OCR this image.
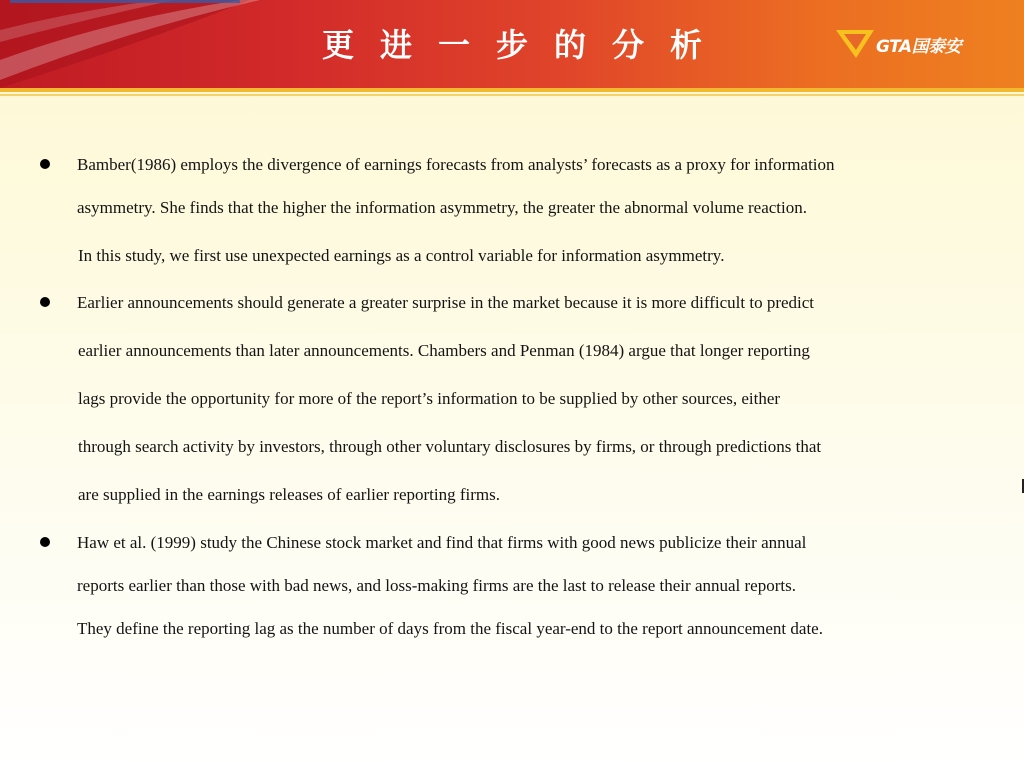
更 进 一 步 的 分 析	GTA国泰安
Bamber(1986) employs the divergence of earnings forecasts from analysts’ forecasts as a proxy for information
asymmetry. She finds that the higher the information asymmetry, the greater the abnormal volume reaction.
In this study, we first use unexpected earnings as a control variable for information asymmetry.
Earlier announcements should generate a greater surprise in the market because it is more difficult to predict
earlier announcements than later announcements. Chambers and Penman (1984) argue that longer reporting
lags provide the opportunity for more of the report’s information to be supplied by other sources, either
through search activity by investors, through other voluntary disclosures by firms, or through predictions that
are supplied in the earnings releases of earlier reporting firms.
Haw et al. (1999) study the Chinese stock market and find that firms with good news publicize their annual
reports earlier than those with bad news, and loss-making firms are the last to release their annual reports.
They define the reporting lag as the number of days from the fiscal year-end to the report announcement date.
